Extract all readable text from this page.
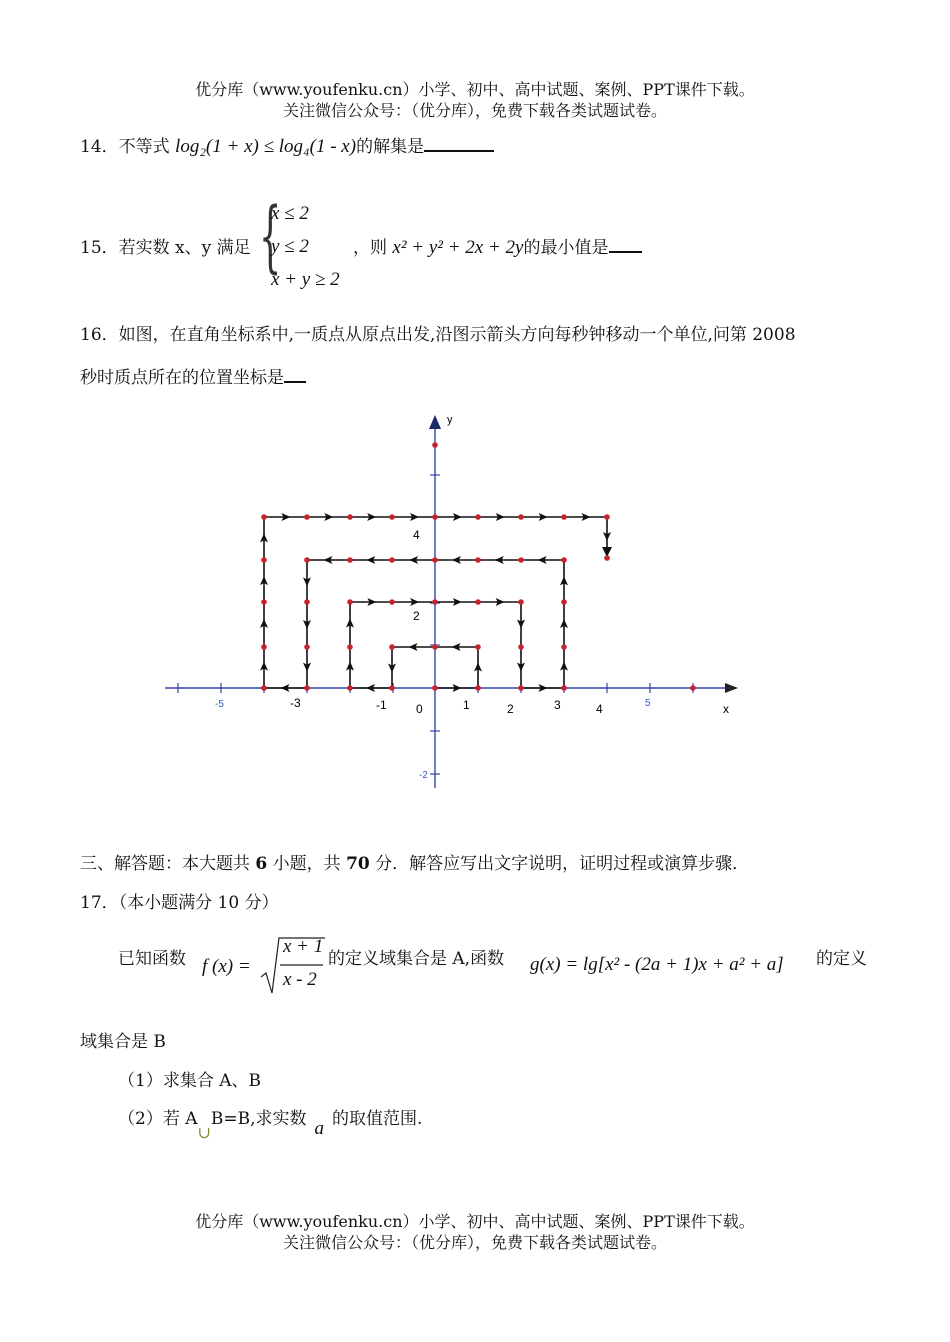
优分库（www.youfenku.cn）小学、初中、高中试题、案例、PPT课件下载。
关注微信公众号：（优分库），免费下载各类试题试卷。
14．不等式 log₂(1 + x) ≤ log₄(1 - x)的解集是
15．若实数 x、y 满足 {
x ≤ 2
y ≤ 2
x + y ≥ 2
，则 x² + y² + 2x + 2y的最小值是
16．如图，在直角坐标系中,一质点从原点出发,沿图示箭头方向每秒钟移动一个单位,问第 2008
秒时质点所在的位置坐标是
y
x
-5	-3	-1 0	1	2	3	4	5
4
2
-2
三、解答题：本大题共 6 小题，共 70 分．解答应写出文字说明，证明过程或演算步骤．
17．（本小题满分 10 分）
已知函数 f (x) =
x + 1
x - 2
的定义域集合是 A,函数 g(x) = lg[x² - (2a + 1)x + a² + a] 的定义
域集合是 B
（1）求集合 A、B
（2）若 A∪B=B,求实数 a 的取值范围.
优分库（www.youfenku.cn）小学、初中、高中试题、案例、PPT课件下载。
关注微信公众号：（优分库），免费下载各类试题试卷。
